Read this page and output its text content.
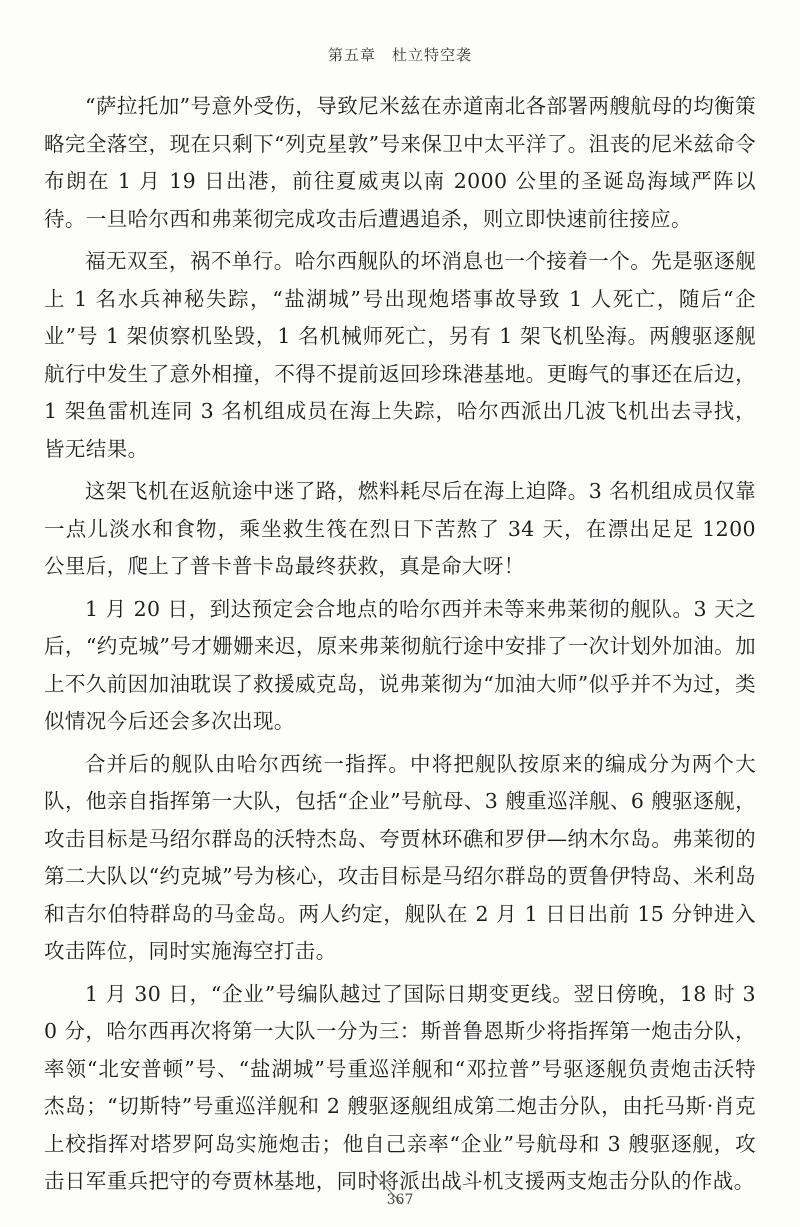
第五章　杜立特空袭

“萨拉托加”号意外受伤，导致尼米兹在赤道南北各部署两艘航母的均衡策略完全落空，现在只剩下“列克星敦”号来保卫中太平洋了。沮丧的尼米兹命令布朗在 1 月 19 日出港，前往夏威夷以南 2000 公里的圣诞岛海域严阵以待。一旦哈尔西和弗莱彻完成攻击后遭遇追杀，则立即快速前往接应。

福无双至，祸不单行。哈尔西舰队的坏消息也一个接着一个。先是驱逐舰上 1 名水兵神秘失踪，“盐湖城”号出现炮塔事故导致 1 人死亡，随后“企业”号 1 架侦察机坠毁，1 名机械师死亡，另有 1 架飞机坠海。两艘驱逐舰航行中发生了意外相撞，不得不提前返回珍珠港基地。更晦气的事还在后边，1 架鱼雷机连同 3 名机组成员在海上失踪，哈尔西派出几波飞机出去寻找，皆无结果。

这架飞机在返航途中迷了路，燃料耗尽后在海上迫降。3 名机组成员仅靠一点儿淡水和食物，乘坐救生筏在烈日下苦熬了 34 天，在漂出足足 1200 公里后，爬上了普卡普卡岛最终获救，真是命大呀！

1 月 20 日，到达预定会合地点的哈尔西并未等来弗莱彻的舰队。3 天之后，“约克城”号才姗姗来迟，原来弗莱彻航行途中安排了一次计划外加油。加上不久前因加油耽误了救援威克岛，说弗莱彻为“加油大师”似乎并不为过，类似情况今后还会多次出现。

合并后的舰队由哈尔西统一指挥。中将把舰队按原来的编成分为两个大队，他亲自指挥第一大队，包括“企业”号航母、3 艘重巡洋舰、6 艘驱逐舰，攻击目标是马绍尔群岛的沃特杰岛、夸贾林环礁和罗伊—纳木尔岛。弗莱彻的第二大队以“约克城”号为核心，攻击目标是马绍尔群岛的贾鲁伊特岛、米利岛和吉尔伯特群岛的马金岛。两人约定，舰队在 2 月 1 日日出前 15 分钟进入攻击阵位，同时实施海空打击。

1 月 30 日，“企业”号编队越过了国际日期变更线。翌日傍晚，18 时 30 分，哈尔西再次将第一大队一分为三：斯普鲁恩斯少将指挥第一炮击分队，率领“北安普顿”号、“盐湖城”号重巡洋舰和“邓拉普”号驱逐舰负责炮击沃特杰岛；“切斯特”号重巡洋舰和 2 艘驱逐舰组成第二炮击分队，由托马斯·肖克上校指挥对塔罗阿岛实施炮击；他自己亲率“企业”号航母和 3 艘驱逐舰，攻击日军重兵把守的夸贾林基地，同时将派出战斗机支援两支炮击分队的作战。

367
